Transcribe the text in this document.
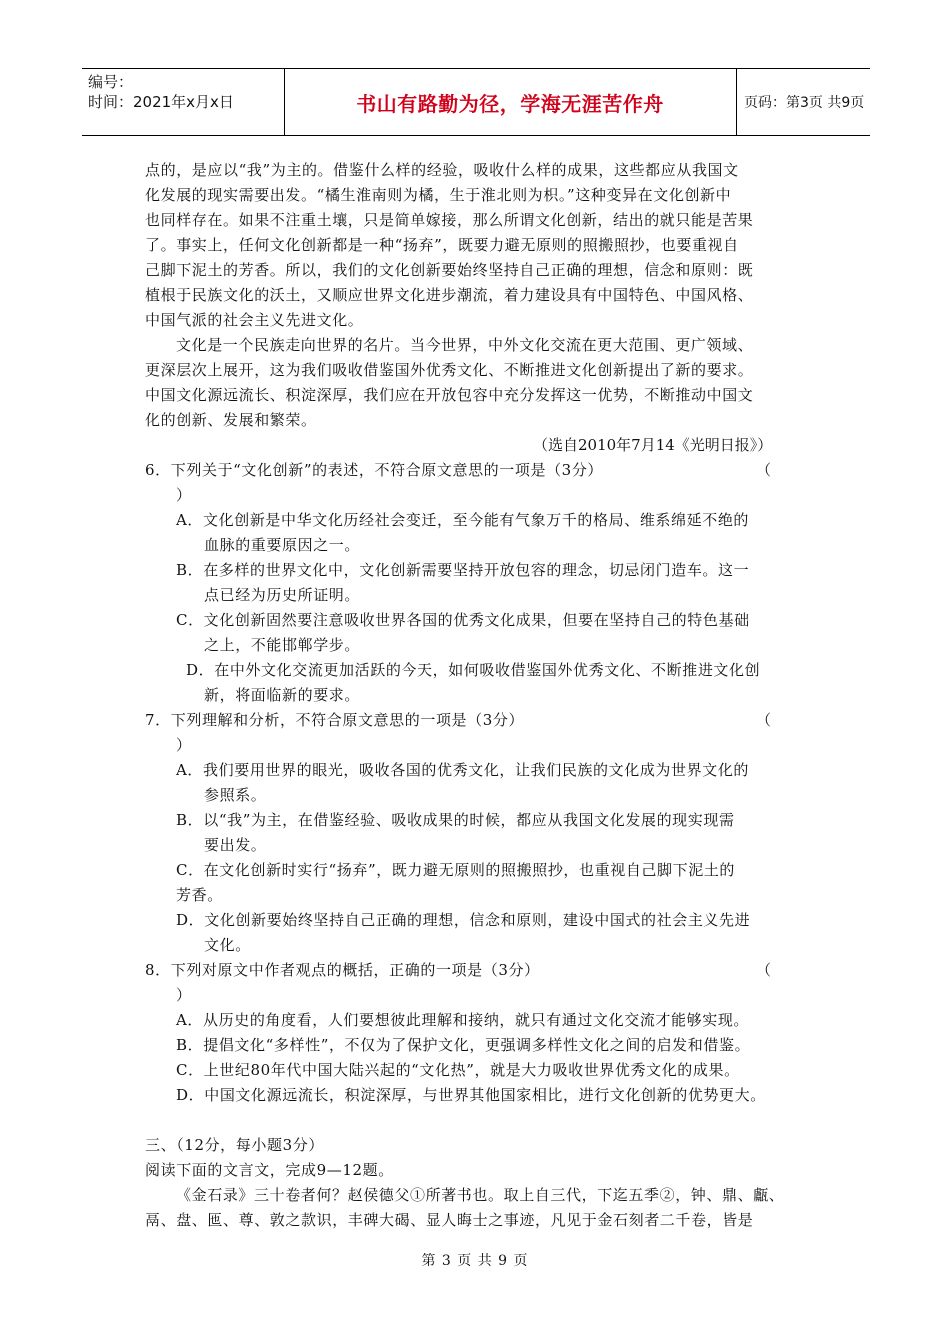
编号：
时间：2021年x月x日	书山有路勤为径，学海无涯苦作舟	页码：第3页 共9页
点的，是应以“我”为主的。借鉴什么样的经验，吸收什么样的成果，这些都应从我国文
化发展的现实需要出发。“橘生淮南则为橘，生于淮北则为枳。”这种变异在文化创新中
也同样存在。如果不注重土壤，只是简单嫁接，那么所谓文化创新，结出的就只能是苦果
了。事实上，任何文化创新都是一种“扬弃”，既要力避无原则的照搬照抄，也要重视自
己脚下泥土的芳香。所以，我们的文化创新要始终坚持自己正确的理想，信念和原则：既
植根于民族文化的沃土，又顺应世界文化进步潮流，着力建设具有中国特色、中国风格、
中国气派的社会主义先进文化。
文化是一个民族走向世界的名片。当今世界，中外文化交流在更大范围、更广领域、
更深层次上展开，这为我们吸收借鉴国外优秀文化、不断推进文化创新提出了新的要求。
中国文化源远流长、积淀深厚，我们应在开放包容中充分发挥这一优势，不断推动中国文
化的创新、发展和繁荣。
（选自2010年7月14《光明日报》）
6．下列关于“文化创新”的表述，不符合原文意思的一项是（3分）	（
）
A．文化创新是中华文化历经社会变迁，至今能有气象万千的格局、维系绵延不绝的
血脉的重要原因之一。
B．在多样的世界文化中，文化创新需要坚持开放包容的理念，切忌闭门造车。这一
点已经为历史所证明。
C．文化创新固然要注意吸收世界各国的优秀文化成果，但要在坚持自己的特色基础
之上，不能邯郸学步。
D．在中外文化交流更加活跃的今天，如何吸收借鉴国外优秀文化、不断推进文化创
新，将面临新的要求。
7．下列理解和分析，不符合原文意思的一项是（3分）	（
）
A．我们要用世界的眼光，吸收各国的优秀文化，让我们民族的文化成为世界文化的
参照系。
B．以“我”为主，在借鉴经验、吸收成果的时候，都应从我国文化发展的现实现需
要出发。
C．在文化创新时实行“扬弃”，既力避无原则的照搬照抄，也重视自己脚下泥土的
芳香。
D．文化创新要始终坚持自己正确的理想，信念和原则，建设中国式的社会主义先进
文化。
8．下列对原文中作者观点的概括，正确的一项是（3分）	（
）
A．从历史的角度看，人们要想彼此理解和接纳，就只有通过文化交流才能够实现。
B．提倡文化“多样性”，不仅为了保护文化，更强调多样性文化之间的启发和借鉴。
C．上世纪80年代中国大陆兴起的“文化热”，就是大力吸收世界优秀文化的成果。
D．中国文化源远流长，积淀深厚，与世界其他国家相比，进行文化创新的优势更大。
三、（12分，每小题3分）
阅读下面的文言文，完成9—12题。
《金石录》三十卷者何？赵侯德父①所著书也。取上自三代，下迄五季②，钟、鼎、甗、
鬲、盘、匜、尊、敦之款识，丰碑大碣、显人晦士之事迹，凡见于金石刻者二千卷，皆是
第 3 页 共 9 页
